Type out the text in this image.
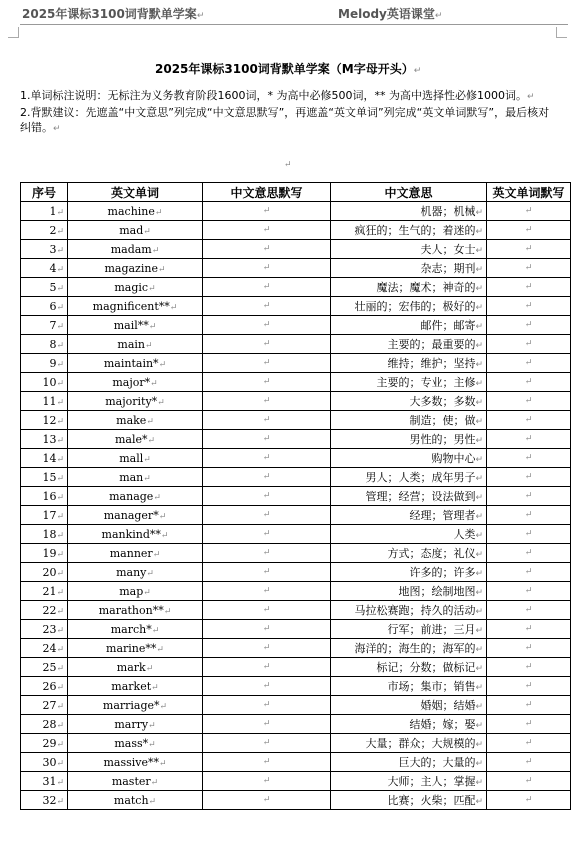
2025年课标3100词背默单学案↵	Melody英语课堂↵
2025年课标3100词背默单学案（M字母开头）↵

1.单词标注说明：无标注为义务教育阶段1600词，* 为高中必修500词，** 为高中选择性必修1000词。↵

2.背默建议：先遮盖“中文意思”列完成“中文意思默写”，再遮盖“英文单词”列完成“英文单词默写”，最后核对纠错。↵

↵
序号	英文单词	中文意思默写	中文意思	英文单词默写
1↵	machine↵	↵	机器；机械↵	↵
2↵	mad↵	↵	疯狂的；生气的；着迷的↵	↵
3↵	madam↵	↵	夫人；女士↵	↵
4↵	magazine↵	↵	杂志；期刊↵	↵
5↵	magic↵	↵	魔法；魔术；神奇的↵	↵
6↵	magnificent**↵	↵	壮丽的；宏伟的；极好的↵	↵
7↵	mail**↵	↵	邮件；邮寄↵	↵
8↵	main↵	↵	主要的；最重要的↵	↵
9↵	maintain*↵	↵	维持；维护；坚持↵	↵
10↵	major*↵	↵	主要的；专业；主修↵	↵
11↵	majority*↵	↵	大多数；多数↵	↵
12↵	make↵	↵	制造；使；做↵	↵
13↵	male*↵	↵	男性的；男性↵	↵
14↵	mall↵	↵	购物中心↵	↵
15↵	man↵	↵	男人；人类；成年男子↵	↵
16↵	manage↵	↵	管理；经营；设法做到↵	↵
17↵	manager*↵	↵	经理；管理者↵	↵
18↵	mankind**↵	↵	人类↵	↵
19↵	manner↵	↵	方式；态度；礼仪↵	↵
20↵	many↵	↵	许多的；许多↵	↵
21↵	map↵	↵	地图；绘制地图↵	↵
22↵	marathon**↵	↵	马拉松赛跑；持久的活动↵	↵
23↵	march*↵	↵	行军；前进；三月↵	↵
24↵	marine**↵	↵	海洋的；海生的；海军的↵	↵
25↵	mark↵	↵	标记；分数；做标记↵	↵
26↵	market↵	↵	市场；集市；销售↵	↵
27↵	marriage*↵	↵	婚姻；结婚↵	↵
28↵	marry↵	↵	结婚；嫁；娶↵	↵
29↵	mass*↵	↵	大量；群众；大规模的↵	↵
30↵	massive**↵	↵	巨大的；大量的↵	↵
31↵	master↵	↵	大师；主人；掌握↵	↵
32↵	match↵	↵	比赛；火柴；匹配↵	↵
